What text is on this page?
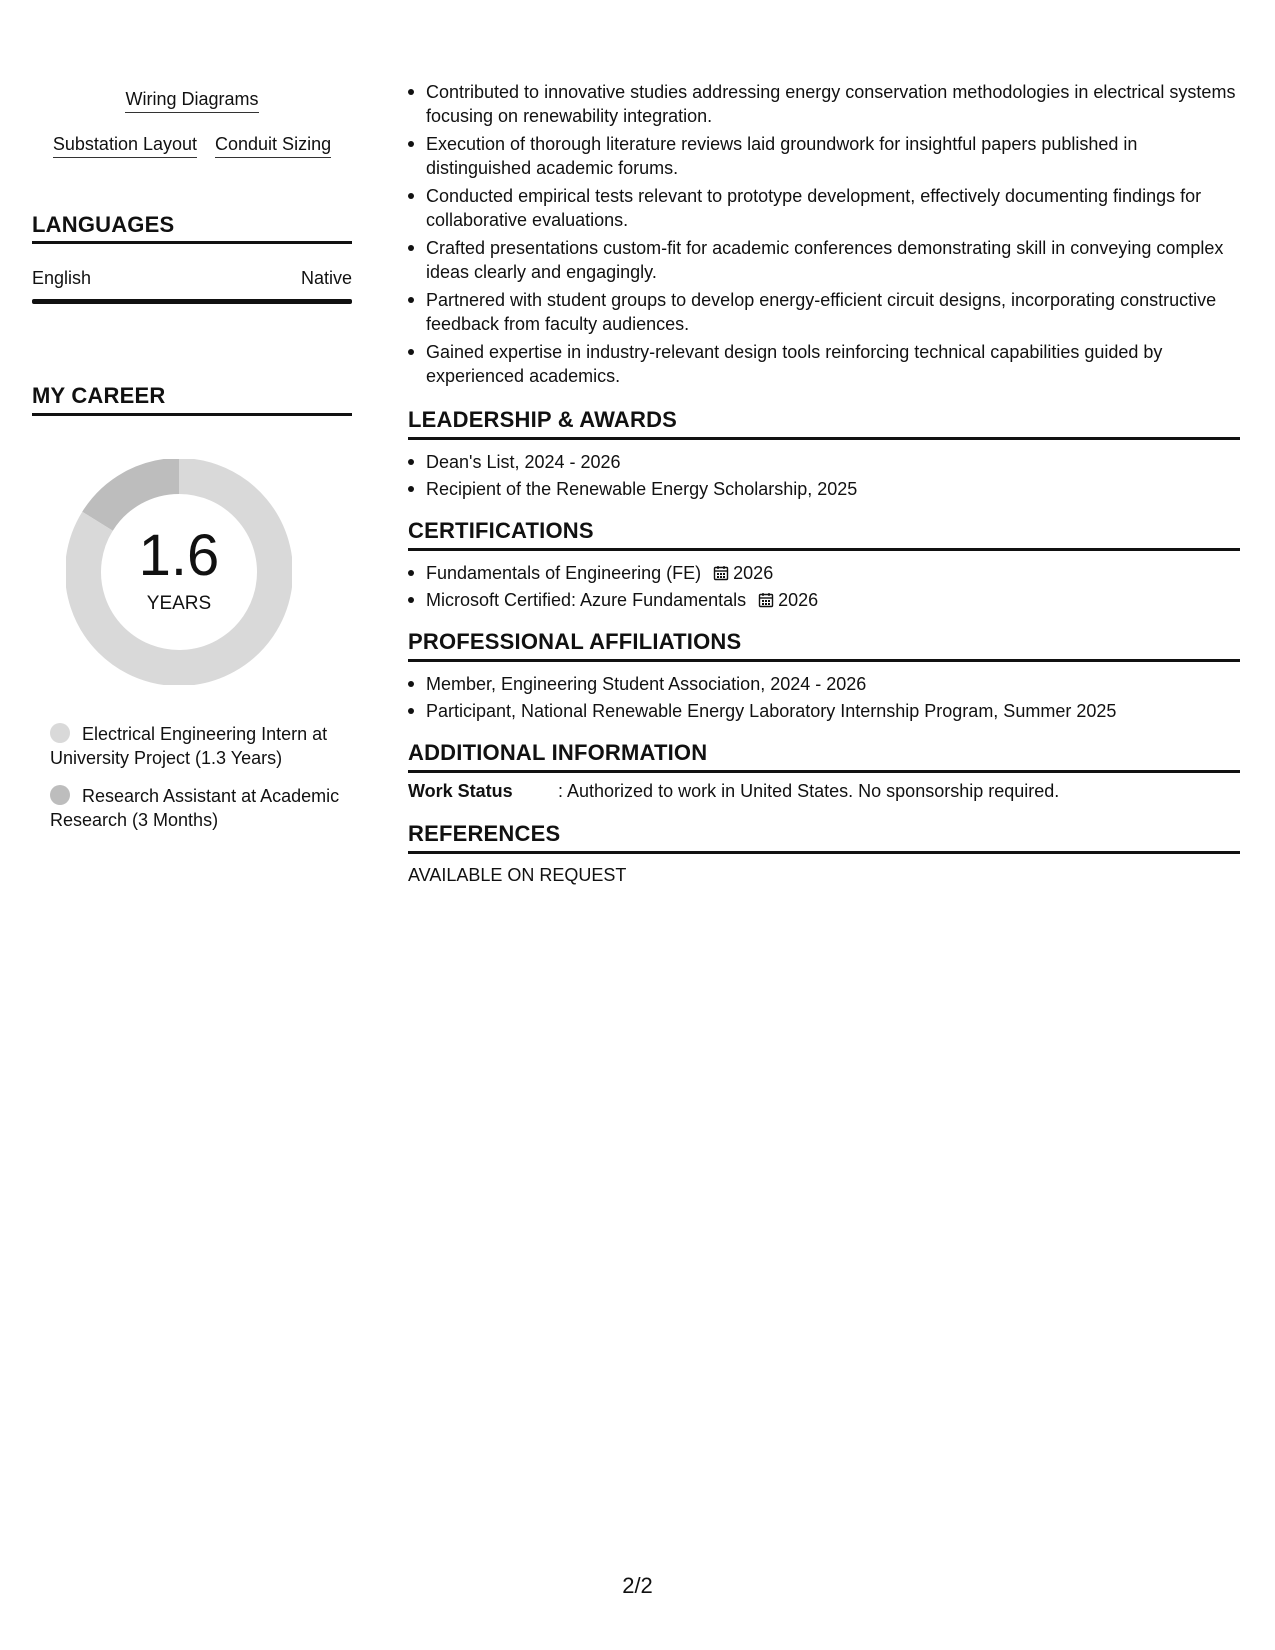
Wiring Diagrams
Substation Layout Conduit Sizing
LANGUAGES
English	Native
MY CAREER
1.6
YEARS
Electrical Engineering Intern at University Project (1.3 Years)
Research Assistant at Academic Research (3 Months)
Contributed to innovative studies addressing energy conservation methodologies in electrical systems focusing on renewability integration.
Execution of thorough literature reviews laid groundwork for insightful papers published in distinguished academic forums.
Conducted empirical tests relevant to prototype development, effectively documenting findings for collaborative evaluations.
Crafted presentations custom-fit for academic conferences demonstrating skill in conveying complex ideas clearly and engagingly.
Partnered with student groups to develop energy-efficient circuit designs, incorporating constructive feedback from faculty audiences.
Gained expertise in industry-relevant design tools reinforcing technical capabilities guided by experienced academics.
LEADERSHIP & AWARDS
Dean's List, 2024 - 2026
Recipient of the Renewable Energy Scholarship, 2025
CERTIFICATIONS
Fundamentals of Engineering (FE) 2026
Microsoft Certified: Azure Fundamentals 2026
PROFESSIONAL AFFILIATIONS
Member, Engineering Student Association, 2024 - 2026
Participant, National Renewable Energy Laboratory Internship Program, Summer 2025
ADDITIONAL INFORMATION
Work Status	: Authorized to work in United States. No sponsorship required.
REFERENCES
AVAILABLE ON REQUEST
2/2
